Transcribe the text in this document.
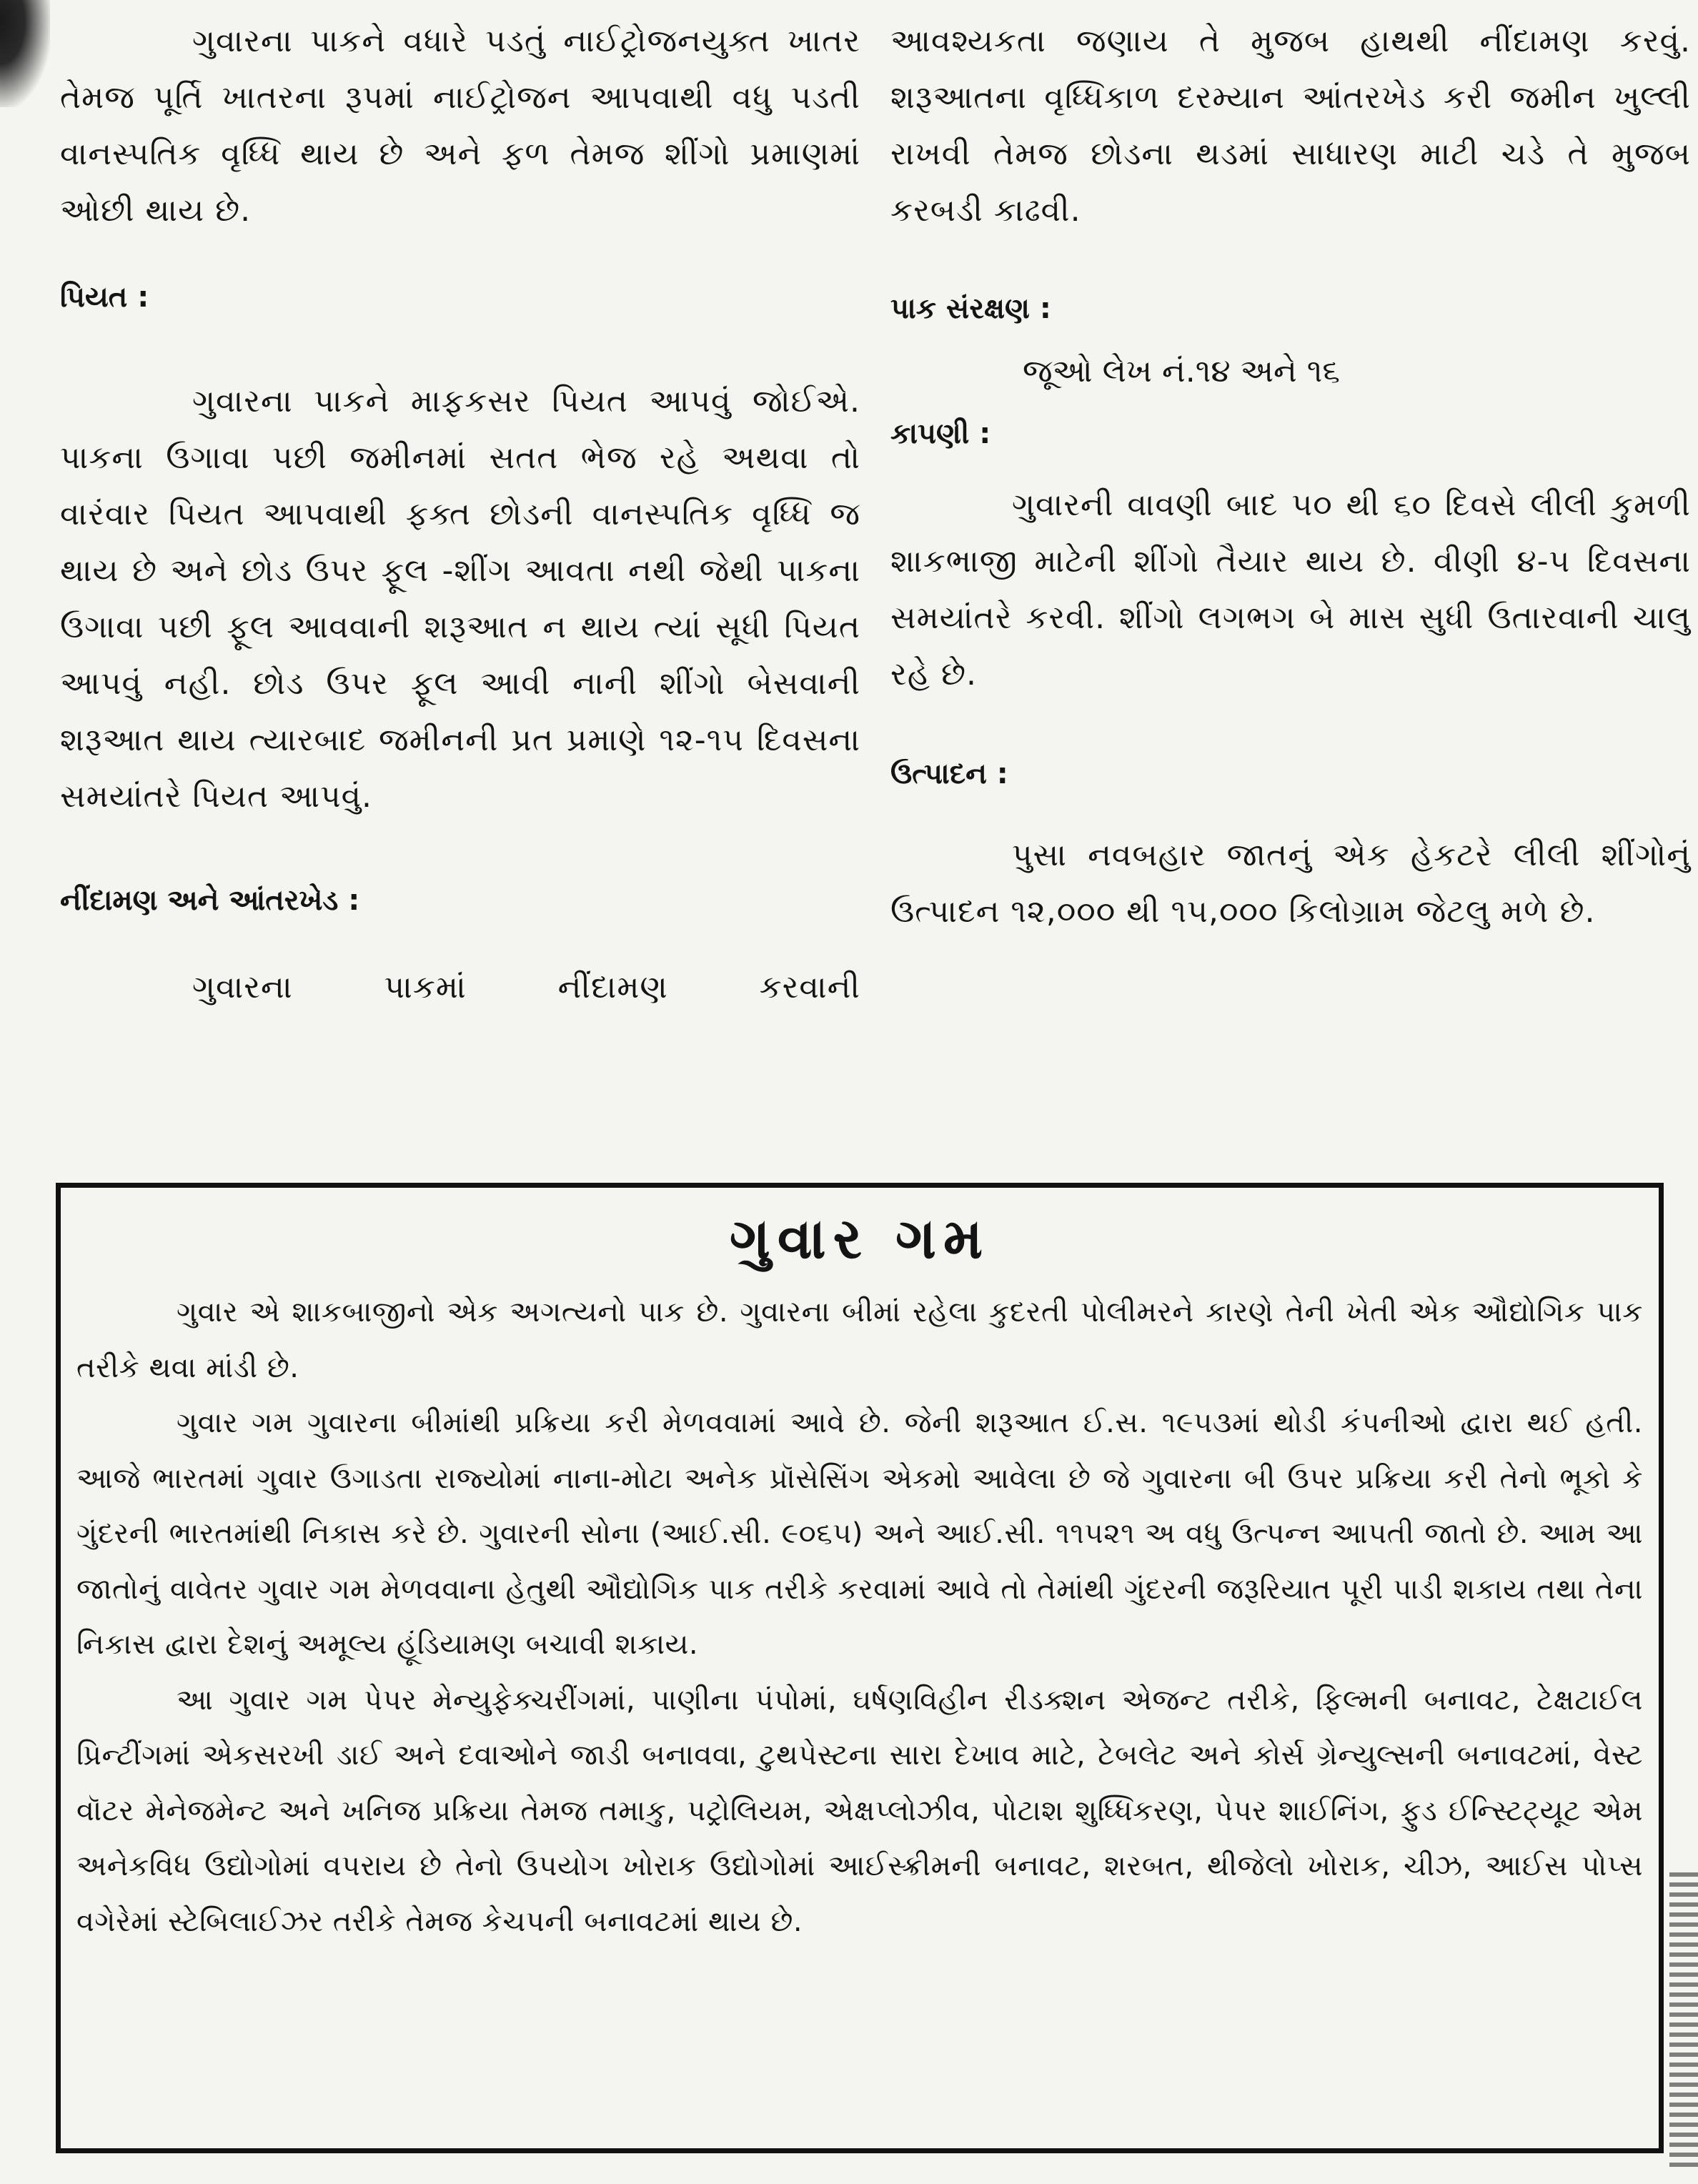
ગુવારના પાકને વધારે પડતું નાઈટ્રોજનયુક્ત ખાતર તેમજ પૂર્તિ ખાતરના રૂપમાં નાઈટ્રોજન આપવાથી વધુ પડતી વાનસ્પતિક વૃધ્ધિ થાય છે અને ફળ તેમજ શીંગો પ્રમાણમાં ઓછી થાય છે.

પિયત :

ગુવારના પાકને માફકસર પિયત આપવું જોઈએ. પાકના ઉગાવા પછી જમીનમાં સતત ભેજ રહે અથવા તો વારંવાર પિયત આપવાથી ફક્ત છોડની વાનસ્પતિક વૃધ્ધિ જ થાય છે અને છોડ ઉપર ફૂલ -શીંગ આવતા નથી જેથી પાકના ઉગાવા પછી ફૂલ આવવાની શરૂઆત ન થાય ત્યાં સૂધી પિયત આપવું નહી. છોડ ઉપર ફૂલ આવી નાની શીંગો બેસવાની શરૂઆત થાય ત્યારબાદ જમીનની પ્રત પ્રમાણે ૧૨-૧૫ દિવસના સમયાંતરે પિયત આપવું.

નીંદામણ અને આંતરખેડ :

ગુવારના પાકમાં નીંદામણ કરવાની

આવશ્યકતા જણાય તે મુજબ હાથથી નીંદામણ કરવું. શરૂઆતના વૃધ્ધિકાળ દરમ્યાન આંતરખેડ કરી જમીન ખુલ્લી રાખવી તેમજ છોડના થડમાં સાધારણ માટી ચડે તે મુજબ કરબડી કાઢવી.

પાક સંરક્ષણ :

જૂઓ લેખ નં.૧૪ અને ૧૬

કાપણી :

ગુવારની વાવણી બાદ ૫૦ થી ૬૦ દિવસે લીલી કુમળી શાકભાજી માટેની શીંગો તૈયાર થાય છે. વીણી ૪-૫ દિવસના સમયાંતરે કરવી. શીંગો લગભગ બે માસ સુધી ઉતારવાની ચાલુ રહે છે.

ઉત્પાદન :

પુસા નવબહાર જાતનું એક હેકટરે લીલી શીંગોનું ઉત્પાદન ૧૨,૦૦૦ થી ૧૫,૦૦૦ કિલોગ્રામ જેટલુ મળે છે.

ગુવાર ગમ

ગુવાર એ શાકબાજીનો એક અગત્યનો પાક છે. ગુવારના બીમાં રહેલા કુદરતી પોલીમરને કારણે તેની ખેતી એક ઔદ્યોગિક પાક તરીકે થવા માંડી છે.

ગુવાર ગમ ગુવારના બીમાંથી પ્રક્રિયા કરી મેળવવામાં આવે છે. જેની શરૂઆત ઈ.સ. ૧૯૫૩માં થોડી કંપનીઓ દ્વારા થઈ હતી. આજે ભારતમાં ગુવાર ઉગાડતા રાજ્યોમાં નાના-મોટા અનેક પ્રૉસેસિંગ એકમો આવેલા છે જે ગુવારના બી ઉપર પ્રક્રિયા કરી તેનો ભૂકો કે ગુંદરની ભારતમાંથી નિકાસ કરે છે. ગુવારની સોના (આઈ.સી. ૯૦૬૫) અને આઈ.સી. ૧૧૫૨૧ અ વધુ ઉત્પન્ન આપતી જાતો છે. આમ આ જાતોનું વાવેતર ગુવાર ગમ મેળવવાના હેતુથી ઔદ્યોગિક પાક તરીકે કરવામાં આવે તો તેમાંથી ગુંદરની જરૂરિયાત પૂરી પાડી શકાય તથા તેના નિકાસ દ્વારા દેશનું અમૂલ્ય હૂંડિયામણ બચાવી શકાય.

આ ગુવાર ગમ પેપર મેન્યુફેક્ચરીંગમાં, પાણીના પંપોમાં, ઘર્ષણવિહીન રીડક્શન એજન્ટ તરીકે, ફિલ્મની બનાવટ, ટેક્ષટાઈલ પ્રિન્ટીંગમાં એકસરખી ડાઈ અને દવાઓને જાડી બનાવવા, ટુથપેસ્ટના સારા દેખાવ માટે, ટેબલેટ અને કોર્સ ગ્રેન્યુલ્સની બનાવટમાં, વેસ્ટ વૉટર મેનેજમેન્ટ અને ખનિજ પ્રક્રિયા તેમજ તમાકુ, પટ્રોલિયમ, એક્ષપ્લોઝીવ, પોટાશ શુધ્ધિકરણ, પેપર શાઈનિંગ, ફુડ ઈન્સ્ટિટ્યૂટ એમ અનેકવિધ ઉદ્યોગોમાં વપરાય છે તેનો ઉપયોગ ખોરાક ઉદ્યોગોમાં આઈસ્ક્રીમની બનાવટ, શરબત, થીજેલો ખોરાક, ચીઝ, આઈસ પોપ્સ વગેરેમાં સ્ટેબિલાઈઝર તરીકે તેમજ કેચપની બનાવટમાં થાય છે.
